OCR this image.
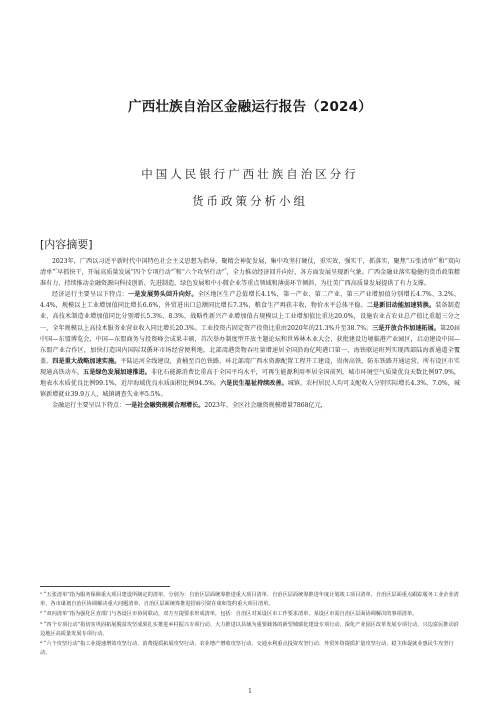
广西壮族自治区金融运行报告（2024）
中国人民银行广西壮族自治区分行
货币政策分析小组
[内容摘要]

2023年，广西以习近平新时代中国特色社会主义思想为指导，聚精会神促发展，集中攻坚打硬仗，重实效，强实干，抓落实，聚焦“五张清单”$^{^1}$和“双向清单”$^{^2}$早抓快干，开展高质量发展“四个专项行动”$^{^3}$和“六个攻坚行动”$^{^4}$，全力推动经济回升向好，各方面发展呈现新气象。广西金融业落实稳健的货币政策精准有力，持续推动金融资源向科技创新、先进制造、绿色发展和中小微企业等重点领域和薄弱环节倾斜，为壮美广西高质量发展提供了有力支撑。

经济运行主要呈以下特点：一是发展势头回升向好。全区地区生产总值增长4.1%，第一产业、第二产业、第三产业增加值分别增长4.7%、3.2%、4.4%，规模以上工业增加值同比增长6.6%，外贸进出口总额同比增长7.3%，粮食生产再获丰收，物价水平总体平稳。二是新旧动能加速转换。装备制造业、高技术制造业增加值同比分别增长5.3%、8.3%，战略性新兴产业增加值占规模以上工业增加值比重达20.0%，设施农业占农业总产值比重超三分之一，全年规模以上高技术服务业营业收入同比增长20.3%。工业投资占固定资产投资比重由2020年的21.3%升至38.7%。三是开放合作加速拓展。第20届中国—东盟博览会、中国—东盟商务与投资峰会成果丰硕，首次举办制度型开放主题论坛和世界林木业大会，获批建设边境临港产业园区，启动建设中国—东盟产业合作区，加快打造国内国际双循环市场经营便利地。北部湾港货物吞吐量增速居全国沿海亿吨港口第一，海铁联运班列实现西部陆海新通道全覆盖。四是重大战略加速实施。平陆运河全线建设，黄桶至百色铁路、环北部湾广西水资源配置工程开工建设，贵南高铁、防东铁路开通运营，所有设区市实现通高铁动车。五是绿色发展加速推进。非化石能源消费比重高于全国平均水平，可再生能源利用率居全国前列，城市环境空气质量优良天数比例97.9%，地表水水质优良比例99.1%，近岸海域优良水质面积比例94.5%。六是民生福祉持续改善。城镇、农村居民人均可支配收入分别实际增长4.3%、7.0%，城镇新增就业39.9万人，城镇调查失业率5.5%。

金融运行主要呈以下特点：一是社会融资规模合理增长。2023年，全区社会融资规模增量7868亿元，

¹ “五张清单”指为服务保障重大项目建设所制定的清单，分别为：自治区层面统筹推进重大项目清单、自治区层面统筹推进年度计划竣工项目清单、自治区层面重点跟踪服务工业企业清单、各市谋划自治区协调解决重大问题清单、自治区层面统筹推进招商引资在谈和签约重大项目清单。

² “双向清单”指为强化区直部门与各设区市协同联动，双方互提要求形成清单，包括：自治区对某设区市工作要求清单、某设区市需自治区层面协调解决的事项清单。

³ “四个专项行动”指切实巩固拓展脱贫攻坚成果扎实推进乡村振兴专项行动、大力推进以县域为重要载体的新型城镇化建设专项行动、深化产业园区改革发展专项行动、兴边富民推动沿边地区高质量发展专项行动。

⁴ “六个攻坚行动”指工业提速增效攻坚行动、消费提质拓展攻坚行动、农业增产增收攻坚行动、交通水利重点投资攻坚行动、外贸外资提质扩量攻坚行动、稳主体促就业惠民生攻坚行动。

1
